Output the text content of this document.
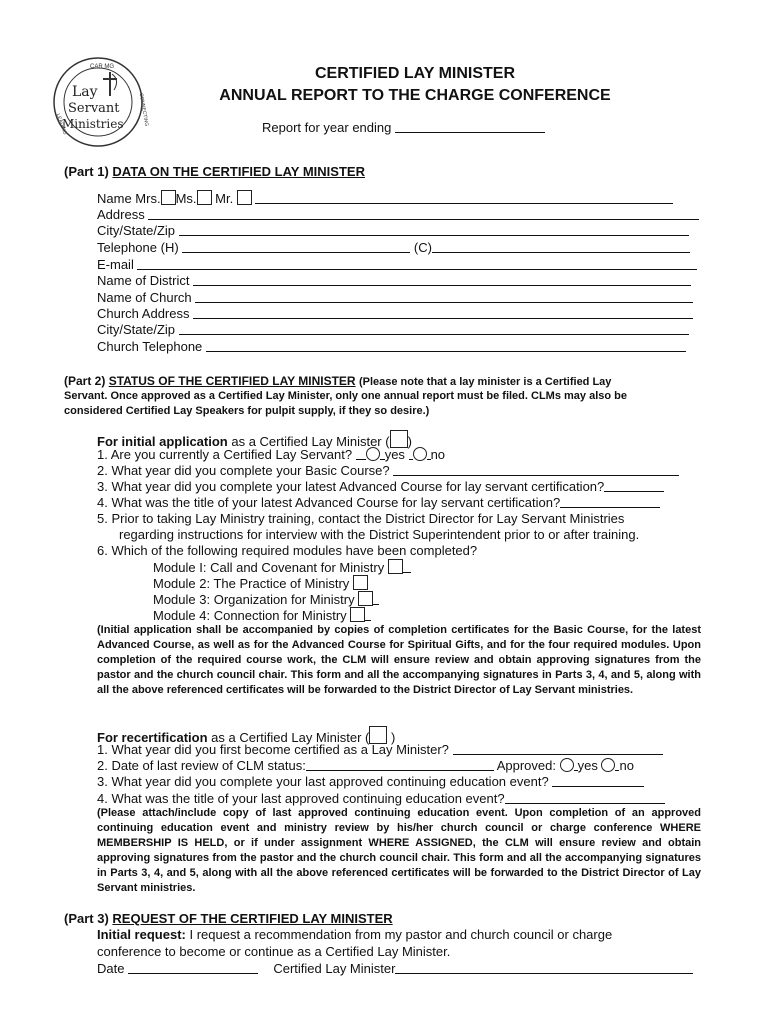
CAR MG
Lay
Servant
Ministries
LEADING	CONNECTING
CERTIFIED LAY MINISTER
ANNUAL REPORT TO THE CHARGE CONFERENCE
Report for year ending
(Part 1) DATA ON THE CERTIFIED LAY MINISTER
Name Mrs. Ms. Mr.
Address
City/State/Zip
Telephone (H)	(C)
E-mail
Name of District
Name of Church
Church Address
City/State/Zip
Church Telephone
(Part 2) STATUS OF THE CERTIFIED LAY MINISTER (Please note that a lay minister is a Certified Lay
Servant. Once approved as a Certified Lay Minister, only one annual report must be filed. CLMs may also be
considered Certified Lay Speakers for pulpit supply, if they so desire.)
For initial application as a Certified Lay Minister ( )
1. Are you currently a Certified Lay Servant?	yes no
2. What year did you complete your Basic Course?
3. What year did you complete your latest Advanced Course for lay servant certification?
4. What was the title of your latest Advanced Course for lay servant certification?
5. Prior to taking Lay Ministry training, contact the District Director for Lay Servant Ministries
regarding instructions for interview with the District Superintendent prior to or after training.
6. Which of the following required modules have been completed?
Module I: Call and Covenant for Ministry
Module 2: The Practice of Ministry
Module 3: Organization for Ministry
Module 4: Connection for Ministry
(Initial application shall be accompanied by copies of completion certificates for the Basic Course, for the latest Advanced Course, as well as for the Advanced Course for Spiritual Gifts, and for the four required modules. Upon completion of the required course work, the CLM will ensure review and obtain approving signatures from the pastor and the church council chair. This form and all the accompanying signatures in Parts 3, 4, and 5, along with all the above referenced certificates will be forwarded to the District Director of Lay Servant ministries.
For recertification as a Certified Lay Minister ( )
1. What year did you first become certified as a Lay Minister?
2. Date of last review of CLM status:	Approved: yes no
3. What year did you complete your last approved continuing education event?
4. What was the title of your last approved continuing education event?
(Please attach/include copy of last approved continuing education event. Upon completion of an approved continuing education event and ministry review by his/her church council or charge conference WHERE MEMBERSHIP IS HELD, or if under assignment WHERE ASSIGNED, the CLM will ensure review and obtain approving signatures from the pastor and the church council chair. This form and all the accompanying signatures in Parts 3, 4, and 5, along with all the above referenced certificates will be forwarded to the District Director of Lay Servant ministries.
(Part 3) REQUEST OF THE CERTIFIED LAY MINISTER
Initial request: I request a recommendation from my pastor and church council or charge
conference to become or continue as a Certified Lay Minister.
Date	Certified Lay Minister
